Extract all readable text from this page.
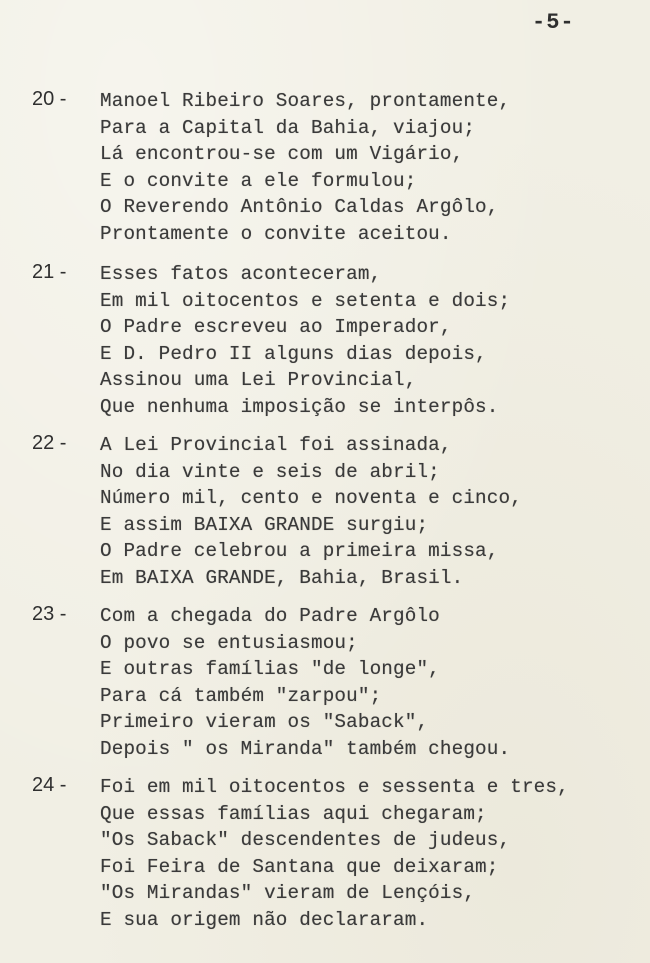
-5-
20 - Manoel Ribeiro Soares, prontamente,
Para a Capital da Bahia, viajou;
Lá encontrou-se com um Vigário,
E o convite a ele formulou;
O Reverendo Antônio Caldas Argôlo,
Prontamente o convite aceitou.
21 - Esses fatos aconteceram,
Em mil oitocentos e setenta e dois;
O Padre escreveu ao Imperador,
E D. Pedro II alguns dias depois,
Assinou uma Lei Provincial,
Que nenhuma imposição se interpôs.
22 - A Lei Provincial foi assinada,
No dia vinte e seis de abril;
Número mil, cento e noventa e cinco,
E assim BAIXA GRANDE surgiu;
O Padre celebrou a primeira missa,
Em BAIXA GRANDE, Bahia, Brasil.
23 - Com a chegada do Padre Argôlo
O povo se entusiasmou;
E outras famílias "de longe",
Para cá também "zarpou";
Primeiro vieram os "Saback",
Depois " os Miranda" também chegou.
24 - Foi em mil oitocentos e sessenta e tres,
Que essas famílias aqui chegaram;
"Os Saback" descendentes de judeus,
Foi Feira de Santana que deixaram;
"Os Mirandas" vieram de Lençóis,
E sua origem não declararam.
